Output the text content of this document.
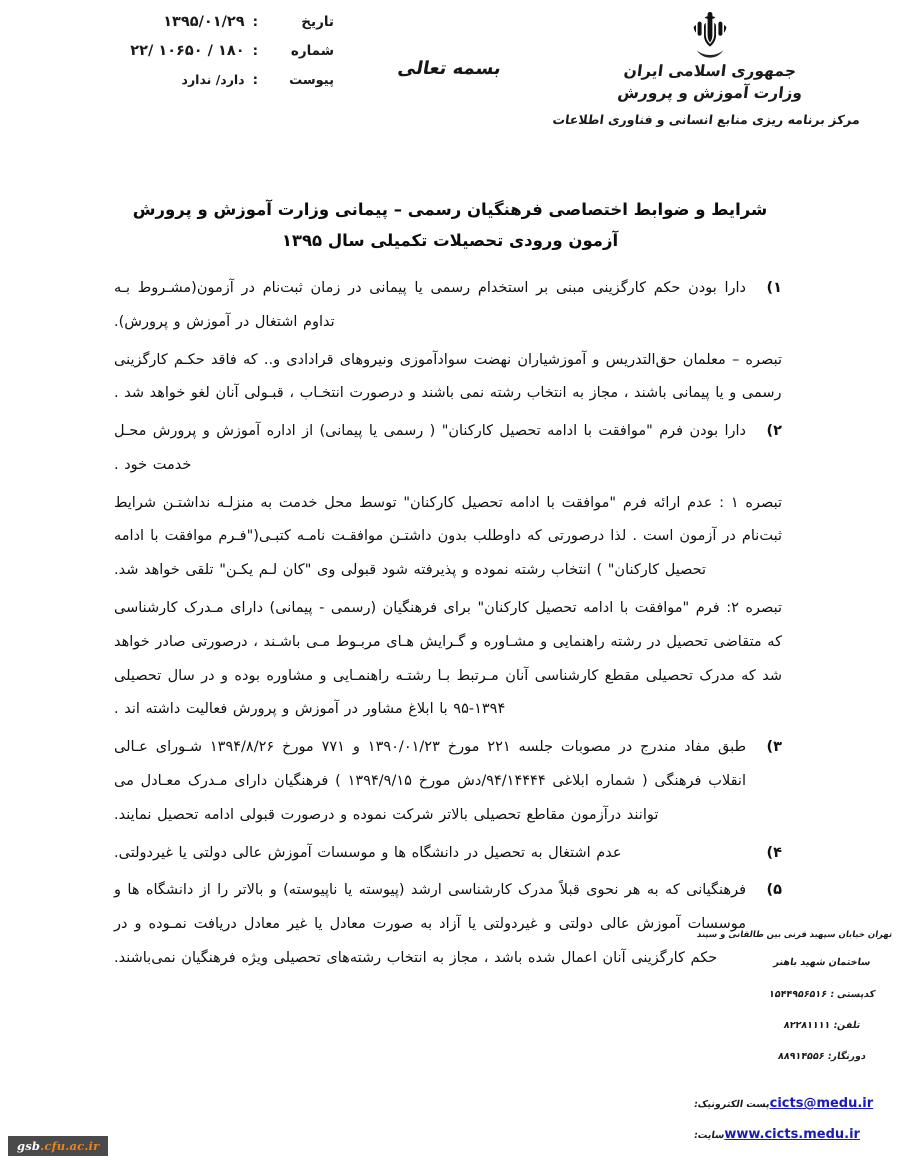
جمهوری اسلامی ایران
وزارت آموزش و پرورش
مرکز برنامه ریزی منابع انسانی و فناوری اطلاعات
بسمه تعالی
تاریخ
:
۱۳۹۵/۰۱/۲۹
شماره
:
۱۸۰ / ۱۰۶۵۰ /۲۲
پیوست
:
دارد/ ندارد
شرایط و ضوابط اختصاصی فرهنگیان رسمی – پیمانی وزارت آموزش و پرورش
آزمون ورودی تحصیلات تکمیلی سال ۱۳۹۵
۱)
دارا بودن حکم کارگزینی مبنی بر استخدام رسمی یا پیمانی در زمان ثبت‌نام در آزمون(مشـروط بـه تداوم اشتغال در آموزش و پرورش).
تبصره – معلمان حق‌التدریس و آموزشیاران نهضت سوادآموزی ونیروهای قرادادی و.. که فاقد حکـم کارگزینی رسمی و یا پیمانی باشند ، مجاز به انتخاب رشته نمی باشند و درصورت انتخـاب ، قبـولی آنان لغو خواهد شد .
۲)
دارا بودن فرم "موافقت با ادامه تحصیل کارکنان" ( رسمی یا پیمانی) از اداره آموزش و پرورش محـل خدمت خود .
تبصره ۱ : عدم ارائه فرم "موافقت با ادامه تحصیل کارکنان" توسط محل خدمت به منزلـه نداشتـن شرایط ثبت‌نام در آزمون است . لذا درصورتی که داوطلب بدون داشتـن موافقـت نامـه کتبـی("فـرم موافقت با ادامه تحصیل کارکنان" ) انتخاب رشته نموده و پذیرفته شود قبولی وی "کان لـم یکـن" تلقی خواهد شد.
تبصره ۲: فرم "موافقت با ادامه تحصیل کارکنان" برای فرهنگیان (رسمی - پیمانی) دارای مـدرک کارشناسی که متقاضی تحصیل در رشته راهنمایی و مشـاوره و گـرایش هـای مربـوط مـی باشـند ، درصورتی صادر خواهد شد که مدرک تحصیلی مقطع کارشناسی آنان مـرتبط بـا رشتـه راهنمـایی و مشاوره بوده و در سال تحصیلی ۱۳۹۴-۹۵ با ابلاغ مشاور در آموزش و پرورش فعالیت داشته اند .
۳)
طبق مفاد مندرج در مصوبات جلسه ۲۲۱ مورخ ۱۳۹۰/۰۱/۲۳ و ۷۷۱ مورخ ۱۳۹۴/۸/۲۶ شـورای عـالی انقلاب فرهنگی ( شماره ابلاغی ۹۴/۱۴۴۴۴/دش مورخ ۱۳۹۴/۹/۱۵ ) فرهنگیان دارای مـدرک معـادل می توانند درآزمون مقاطع تحصیلی بالاتر شرکت نموده و درصورت قبولی ادامه تحصیل نمایند.
۴)
عدم اشتغال به تحصیل در دانشگاه ها و موسسات آموزش عالی دولتی یا غیردولتی.
۵)
فرهنگیانی که به هر نحوی قبلاً مدرک کارشناسی ارشد (پیوسته یا ناپیوسته) و بالاتر را از دانشگاه ها و موسسات آموزش عالی دولتی و غیردولتی یا آزاد به صورت معادل یا غیر معادل دریافت نمـوده و در حکم کارگزینی آنان اعمال شده باشد ، مجاز به انتخاب رشته‌های تحصیلی ویژه فرهنگیان نمی‌باشند.
تهران خیابان سپهبد قرنی بین طالقانی و سپند
ساختمان شهید باهنر
کدپستی : ۱۵۴۴۹۵۶۵۱۶
تلفن: ۸۲۲۸۱۱۱۱
دورنگار: ۸۸۹۱۴۵۵۶
پست الکترونیک: cicts@medu.ir
سایت: www.cicts.medu.ir
gsb.cfu.ac.ir
